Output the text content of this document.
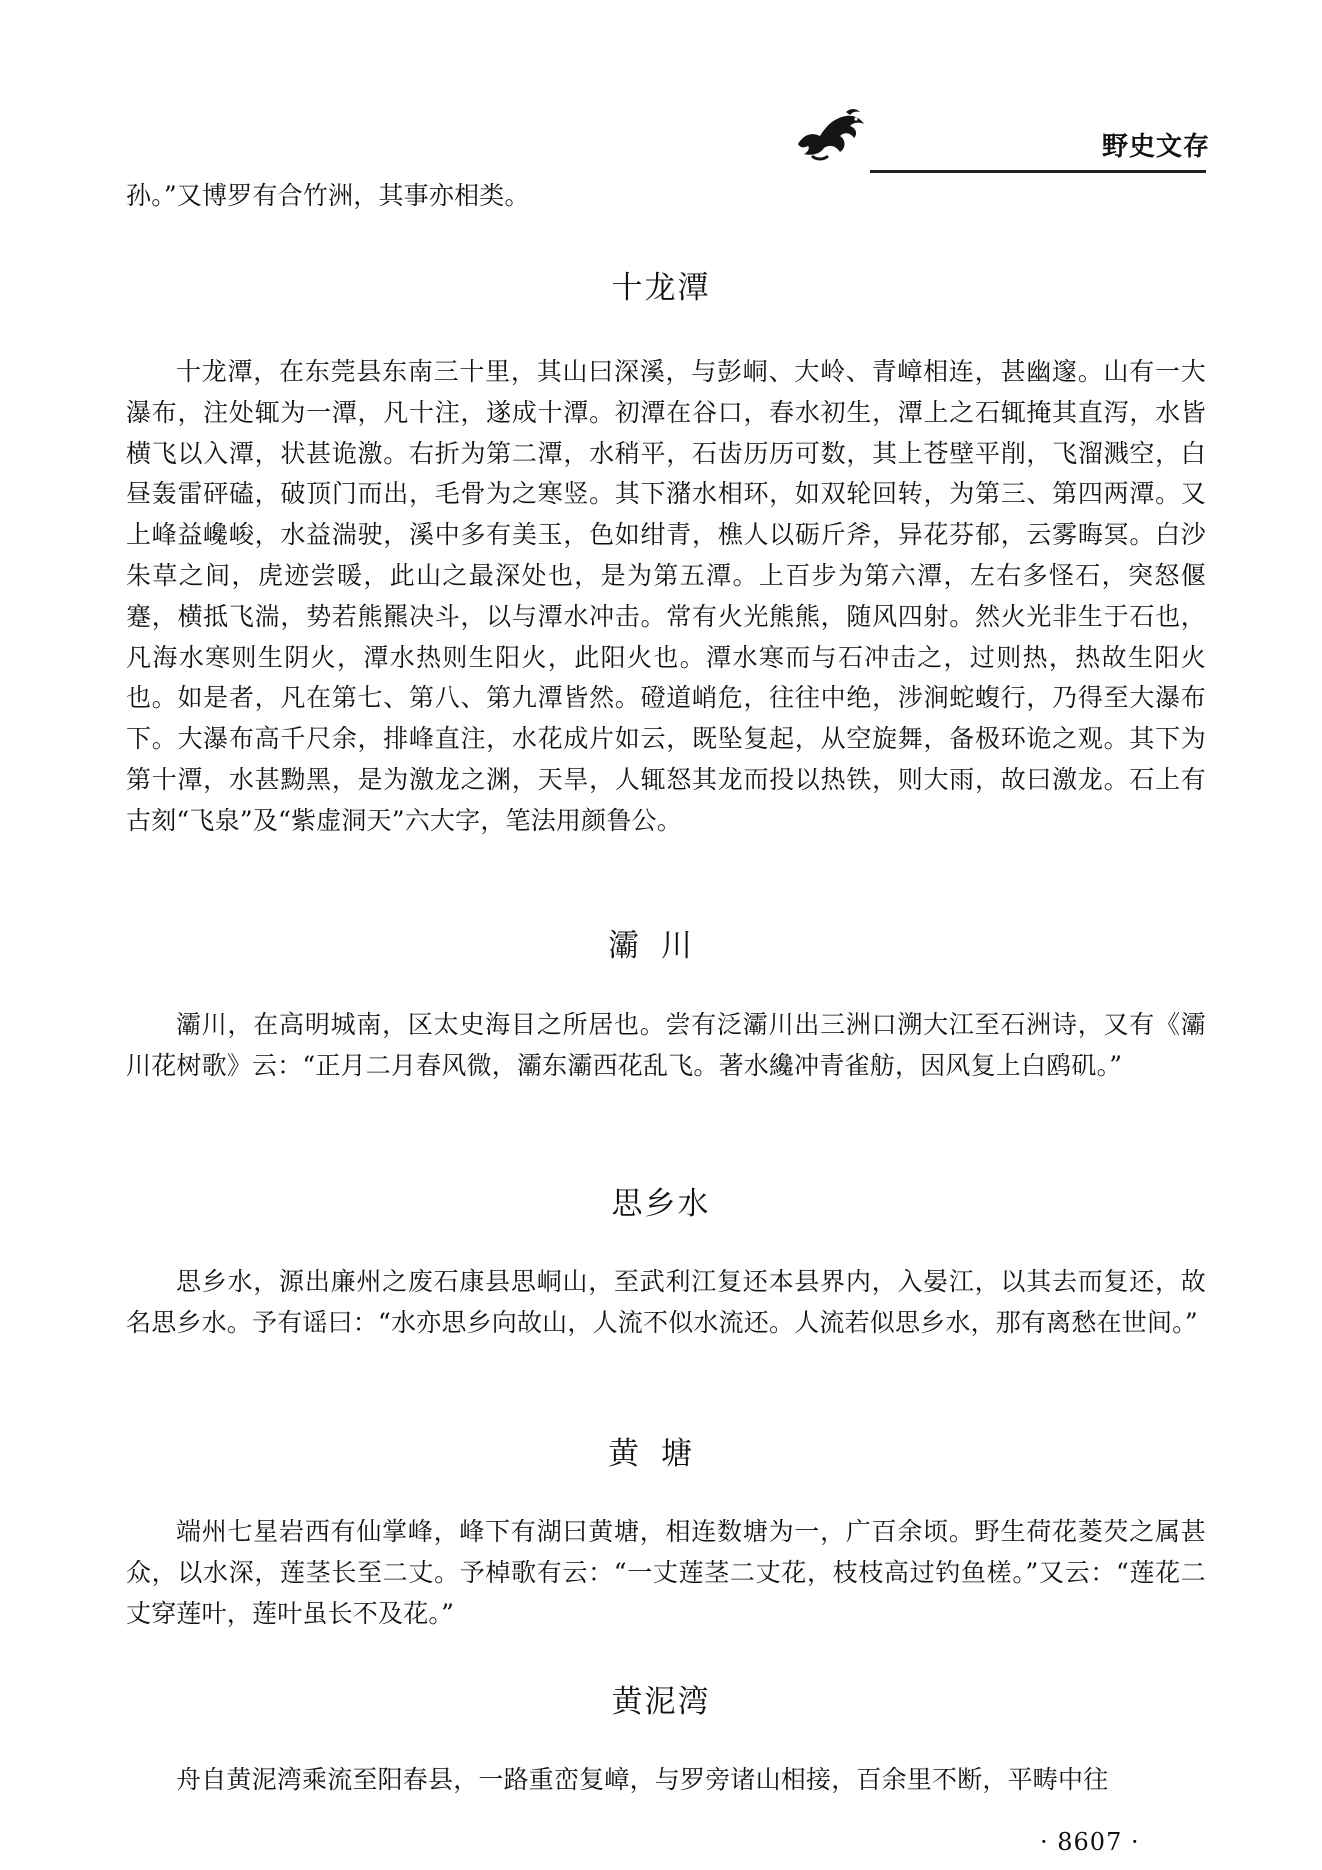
野史文存
孙。”又博罗有合竹洲，其事亦相类。
十龙潭
十龙潭，在东莞县东南三十里，其山曰深溪，与彭峒、大岭、青嶂相连，甚幽邃。山有一大瀑布，注处辄为一潭，凡十注，遂成十潭。初潭在谷口，春水初生，潭上之石辄掩其直泻，水皆横飞以入潭，状甚诡激。右折为第二潭，水稍平，石齿历历可数，其上苍壁平削，飞溜溅空，白昼轰雷砰磕，破顶门而出，毛骨为之寒竖。其下潴水相环，如双轮回转，为第三、第四两潭。又上峰益巉峻，水益湍驶，溪中多有美玉，色如绀青，樵人以砺斤斧，异花芬郁，云雾晦冥。白沙朱草之间，虎迹尝暖，此山之最深处也，是为第五潭。上百步为第六潭，左右多怪石，突怒偃蹇，横抵飞湍，势若熊羆决斗，以与潭水冲击。常有火光熊熊，随风四射。然火光非生于石也，凡海水寒则生阴火，潭水热则生阳火，此阳火也。潭水寒而与石冲击之，过则热，热故生阳火也。如是者，凡在第七、第八、第九潭皆然。磴道峭危，往往中绝，涉涧蛇蝮行，乃得至大瀑布下。大瀑布高千尺余，排峰直注，水花成片如云，既坠复起，从空旋舞，备极环诡之观。其下为第十潭，水甚黝黑，是为激龙之渊，天旱，人辄怒其龙而投以热铁，则大雨，故曰激龙。石上有古刻“飞泉”及“紫虚洞天”六大字，笔法用颜鲁公。
灞川
灞川，在高明城南，区太史海目之所居也。尝有泛灞川出三洲口溯大江至石洲诗，又有《灞川花树歌》云：“正月二月春风微，灞东灞西花乱飞。著水纔冲青雀舫，因风复上白鸥矶。”
思乡水
思乡水，源出廉州之废石康县思峒山，至武利江复还本县界内，入晏江，以其去而复还，故名思乡水。予有谣曰：“水亦思乡向故山，人流不似水流还。人流若似思乡水，那有离愁在世间。”
黄塘
端州七星岩西有仙掌峰，峰下有湖曰黄塘，相连数塘为一，广百余顷。野生荷花菱芡之属甚众，以水深，莲茎长至二丈。予棹歌有云：“一丈莲茎二丈花，枝枝高过钓鱼槎。”又云：“莲花二丈穿莲叶，莲叶虽长不及花。”
黄泥湾
舟自黄泥湾乘流至阳春县，一路重峦复嶂，与罗旁诸山相接，百余里不断，平畴中往
· 8607 ·
